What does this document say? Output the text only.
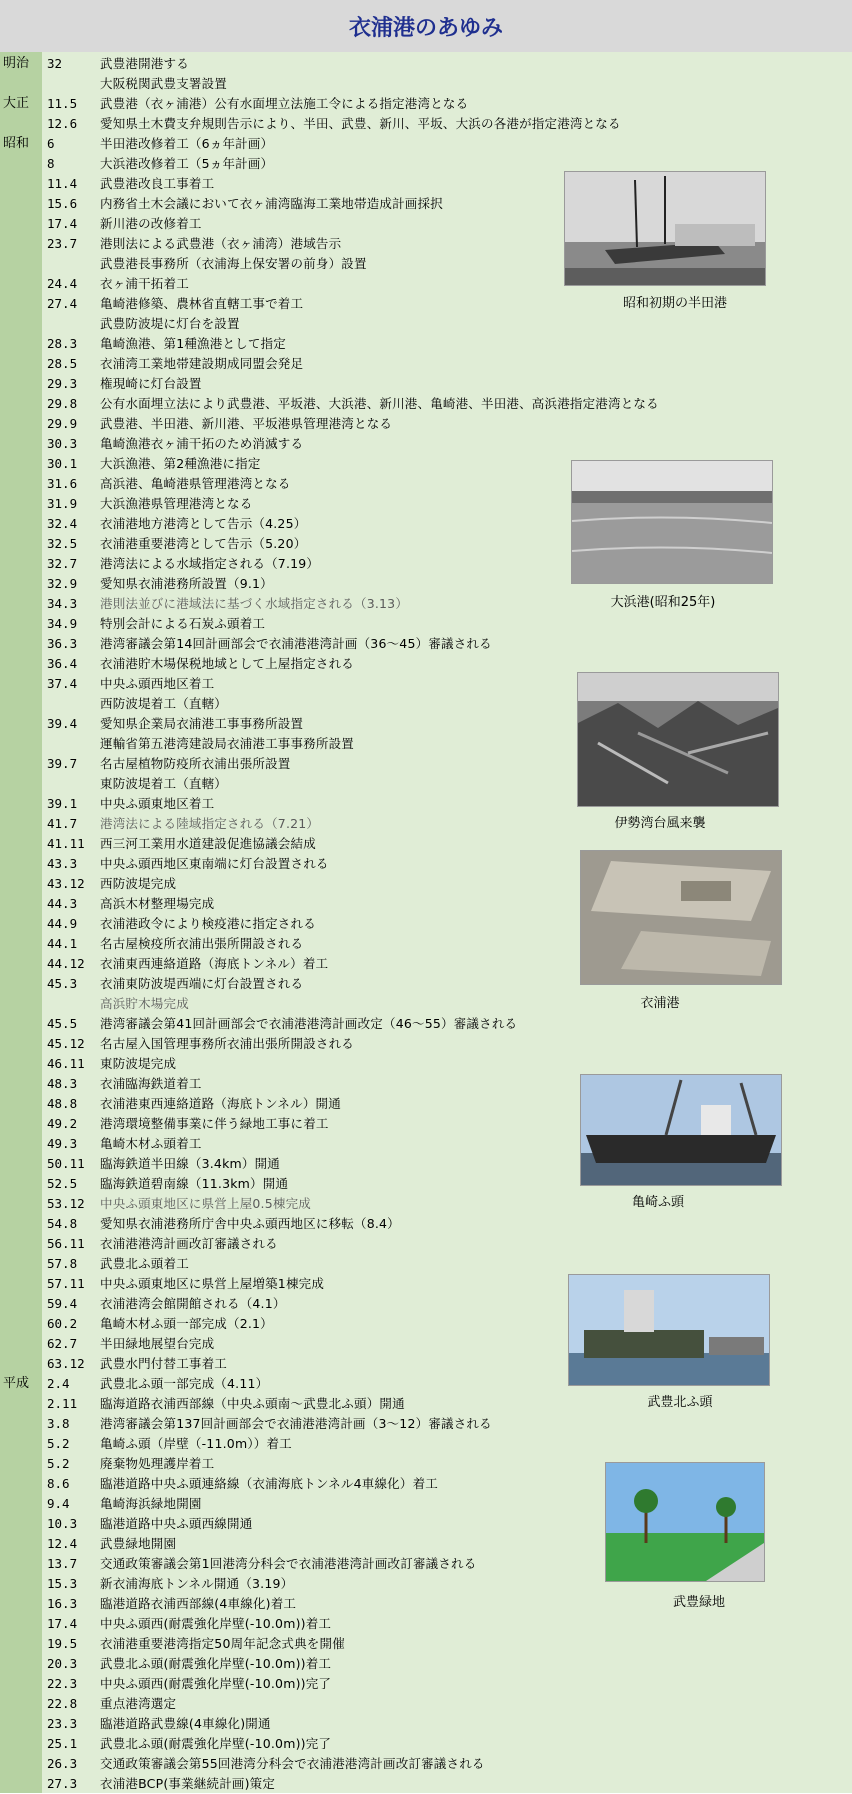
衣浦港のあゆみ
明治	32	武豊港開港する
大阪税関武豊支署設置
大正	11.5	武豊港（衣ヶ浦港）公有水面埋立法施工令による指定港湾となる
12.6	愛知県土木費支弁規則告示により、半田、武豊、新川、平坂、大浜の各港が指定港湾となる
昭和	6	半田港改修着工（6ヵ年計画）
8	大浜港改修着工（5ヵ年計画）
11.4	武豊港改良工事着工
15.6	内務省土木会議において衣ヶ浦湾臨海工業地帯造成計画採択
17.4	新川港の改修着工
23.7	港則法による武豊港（衣ヶ浦湾）港域告示
武豊港長事務所（衣浦海上保安署の前身）設置
24.4	衣ヶ浦干拓着工
27.4	亀崎港修築、農林省直轄工事で着工
武豊防波堤に灯台を設置
28.3	亀崎漁港、第1種漁港として指定
28.5	衣浦湾工業地帯建設期成同盟会発足
29.3	権現崎に灯台設置
29.8	公有水面埋立法により武豊港、平坂港、大浜港、新川港、亀崎港、半田港、高浜港指定港湾となる
29.9	武豊港、半田港、新川港、平坂港県管理港湾となる
30.3	亀崎漁港衣ヶ浦干拓のため消滅する
30.1	大浜漁港、第2種漁港に指定
31.6	高浜港、亀崎港県管理港湾となる
31.9	大浜漁港県管理港湾となる
32.4	衣浦港地方港湾として告示（4.25）
32.5	衣浦港重要港湾として告示（5.20）
32.7	港湾法による水域指定される（7.19）
32.9	愛知県衣浦港務所設置（9.1）
34.3	港則法並びに港域法に基づく水域指定される（3.13）
34.9	特別会計による石炭ふ頭着工
36.3	港湾審議会第14回計画部会で衣浦港港湾計画（36～45）審議される
36.4	衣浦港貯木場保税地域として上屋指定される
37.4	中央ふ頭西地区着工
西防波堤着工（直轄）
39.4	愛知県企業局衣浦港工事事務所設置
運輸省第五港湾建設局衣浦港工事事務所設置
39.7	名古屋植物防疫所衣浦出張所設置
東防波堤着工（直轄）
39.1	中央ふ頭東地区着工
41.7	港湾法による陸域指定される（7.21）
41.11	西三河工業用水道建設促進協議会結成
43.3	中央ふ頭西地区東南端に灯台設置される
43.12	西防波堤完成
44.3	高浜木材整理場完成
44.9	衣浦港政令により検疫港に指定される
44.1	名古屋検疫所衣浦出張所開設される
44.12	衣浦東西連絡道路（海底トンネル）着工
45.3	衣浦東防波堤西端に灯台設置される
高浜貯木場完成
45.5	港湾審議会第41回計画部会で衣浦港港湾計画改定（46～55）審議される
45.12	名古屋入国管理事務所衣浦出張所開設される
46.11	東防波堤完成
48.3	衣浦臨海鉄道着工
48.8	衣浦港東西連絡道路（海底トンネル）開通
49.2	港湾環境整備事業に伴う緑地工事に着工
49.3	亀崎木材ふ頭着工
50.11	臨海鉄道半田線（3.4km）開通
52.5	臨海鉄道碧南線（11.3km）開通
53.12	中央ふ頭東地区に県営上屋0.5棟完成
54.8	愛知県衣浦港務所庁舎中央ふ頭西地区に移転（8.4）
56.11	衣浦港港湾計画改訂審議される
57.8	武豊北ふ頭着工
57.11	中央ふ頭東地区に県営上屋増築1棟完成
59.4	衣浦港湾会館開館される（4.1）
60.2	亀崎木材ふ頭一部完成（2.1）
62.7	半田緑地展望台完成
63.12	武豊水門付替工事着工
平成	2.4	武豊北ふ頭一部完成（4.11）
2.11	臨海道路衣浦西部線（中央ふ頭南～武豊北ふ頭）開通
3.8	港湾審議会第137回計画部会で衣浦港港湾計画（3～12）審議される
5.2	亀崎ふ頭（岸壁（-11.0m））着工
5.2	廃棄物処理護岸着工
8.6	臨港道路中央ふ頭連絡線（衣浦海底トンネル4車線化）着工
9.4	亀崎海浜緑地開園
10.3	臨港道路中央ふ頭西線開通
12.4	武豊緑地開園
13.7	交通政策審議会第1回港湾分科会で衣浦港港湾計画改訂審議される
15.3	新衣浦海底トンネル開通（3.19）
16.3	臨港道路衣浦西部線(4車線化)着工
17.4	中央ふ頭西(耐震強化岸壁(-10.0m))着工
19.5	衣浦港重要港湾指定50周年記念式典を開催
20.3	武豊北ふ頭(耐震強化岸壁(-10.0m))着工
22.3	中央ふ頭西(耐震強化岸壁(-10.0m))完了
22.8	重点港湾選定
23.3	臨港道路武豊線(4車線化)開通
25.1	武豊北ふ頭(耐震強化岸壁(-10.0m))完了
26.3	交通政策審議会第55回港湾分科会で衣浦港港湾計画改訂審議される
27.3	衣浦港BCP(事業継続計画)策定
昭和初期の半田港
大浜港(昭和25年)
伊勢湾台風来襲
衣浦港
亀崎ふ頭
武豊北ふ頭
武豊緑地
